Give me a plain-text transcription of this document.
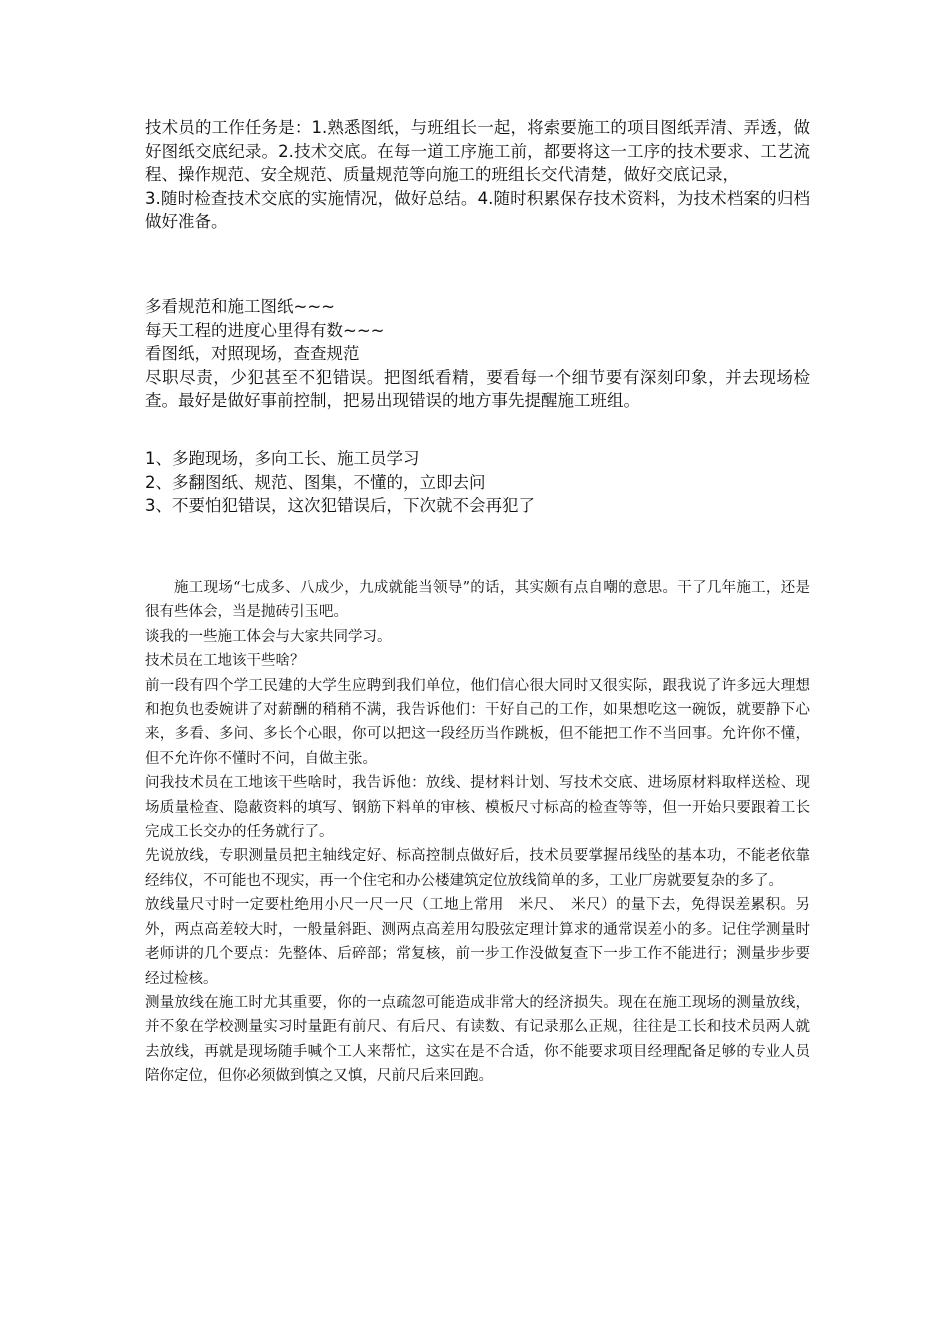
技术员的工作任务是：1.熟悉图纸，与班组长一起，将索要施工的项目图纸弄清、弄透，做好图纸交底纪录。2.技术交底。在每一道工序施工前，都要将这一工序的技术要求、工艺流程、操作规范、安全规范、质量规范等向施工的班组长交代清楚，做好交底记录，

3.随时检查技术交底的实施情况，做好总结。4.随时积累保存技术资料，为技术档案的归档做好准备。

多看规范和施工图纸~~~

每天工程的进度心里得有数~~~

看图纸，对照现场，查查规范

尽职尽责，少犯甚至不犯错误。把图纸看精，要看每一个细节要有深刻印象，并去现场检查。最好是做好事前控制，把易出现错误的地方事先提醒施工班组。

1、多跑现场，多向工长、施工员学习

2、多翻图纸、规范、图集，不懂的，立即去问

3、不要怕犯错误，这次犯错误后，下次就不会再犯了

施工现场“七成多、八成少，九成就能当领导”的话，其实颇有点自嘲的意思。干了几年施工，还是很有些体会，当是抛砖引玉吧。

谈我的一些施工体会与大家共同学习。

技术员在工地该干些啥？

前一段有四个学工民建的大学生应聘到我们单位，他们信心很大同时又很实际，跟我说了许多远大理想和抱负也委婉讲了对薪酬的稍稍不满，我告诉他们：干好自己的工作，如果想吃这一碗饭，就要静下心来，多看、多问、多长个心眼，你可以把这一段经历当作跳板，但不能把工作不当回事。允许你不懂，但不允许你不懂时不问，自做主张。

问我技术员在工地该干些啥时，我告诉他：放线、提材料计划、写技术交底、进场原材料取样送检、现场质量检查、隐蔽资料的填写、钢筋下料单的审核、模板尺寸标高的检查等等，但一开始只要跟着工长完成工长交办的任务就行了。

先说放线，专职测量员把主轴线定好、标高控制点做好后，技术员要掌握吊线坠的基本功，不能老依靠经纬仪，不可能也不现实，再一个住宅和办公楼建筑定位放线简单的多，工业厂房就要复杂的多了。

放线量尺寸时一定要杜绝用小尺一尺一尺（工地上常用　米尺、　米尺）的量下去，免得误差累积。另外，两点高差较大时，一般量斜距、测两点高差用勾股弦定理计算求的通常误差小的多。记住学测量时老师讲的几个要点：先整体、后碎部；常复核，前一步工作没做复查下一步工作不能进行；测量步步要经过检核。

测量放线在施工时尤其重要，你的一点疏忽可能造成非常大的经济损失。现在在施工现场的测量放线，并不象在学校测量实习时量距有前尺、有后尺、有读数、有记录那么正规，往往是工长和技术员两人就去放线，再就是现场随手喊个工人来帮忙，这实在是不合适，你不能要求项目经理配备足够的专业人员陪你定位，但你必须做到慎之又慎，尺前尺后来回跑。
